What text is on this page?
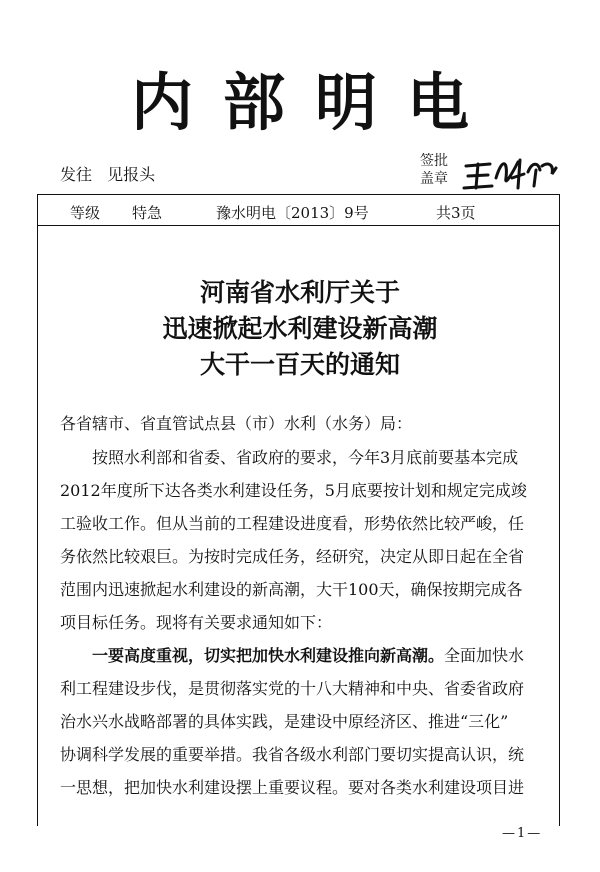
内部明电
发往 见报头
签批
盖章
等级 特急	豫水明电〔2013〕9号	共3页
河南省水利厅关于
迅速掀起水利建设新高潮
大干一百天的通知
各省辖市、省直管试点县（市）水利（水务）局：
按照水利部和省委、省政府的要求，今年3月底前要基本完成
2012年度所下达各类水利建设任务，5月底要按计划和规定完成竣
工验收工作。但从当前的工程建设进度看，形势依然比较严峻，任
务依然比较艰巨。为按时完成任务，经研究，决定从即日起在全省
范围内迅速掀起水利建设的新高潮，大干100天，确保按期完成各
项目标任务。现将有关要求通知如下：
一要高度重视，切实把加快水利建设推向新高潮。全面加快水
利工程建设步伐，是贯彻落实党的十八大精神和中央、省委省政府
治水兴水战略部署的具体实践，是建设中原经济区、推进“三化”
协调科学发展的重要举措。我省各级水利部门要切实提高认识，统
一思想，把加快水利建设摆上重要议程。要对各类水利建设项目进
—1—
